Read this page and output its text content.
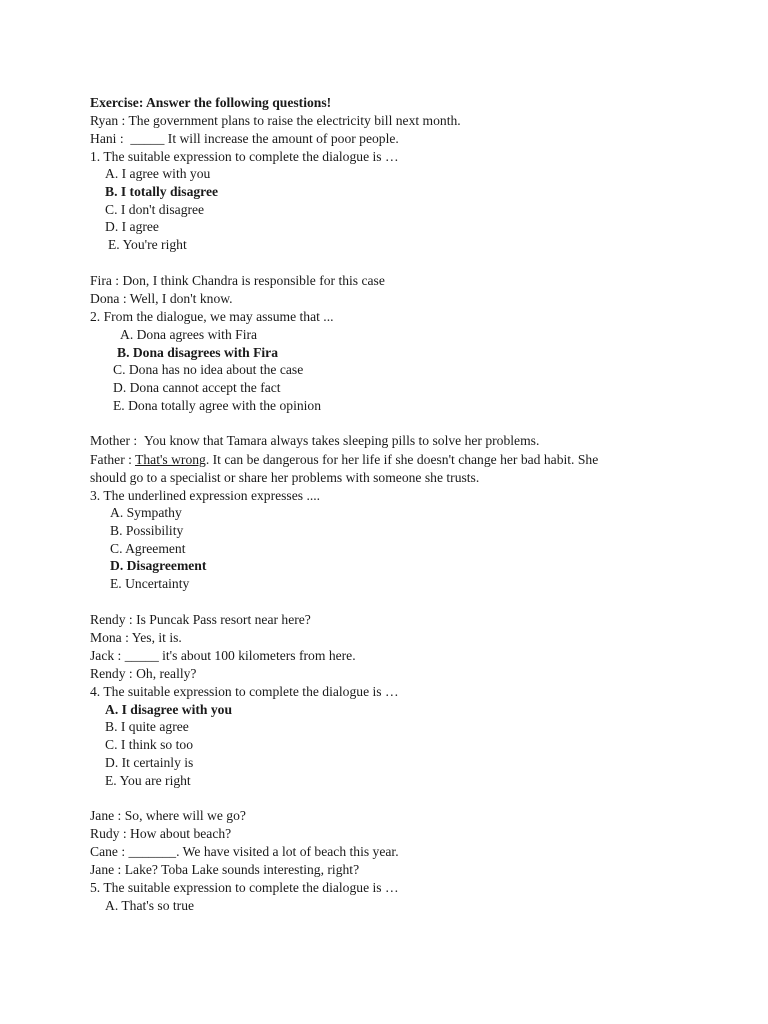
Exercise: Answer the following questions!
Ryan : The government plans to raise the electricity bill next month.
Hani : _____ It will increase the amount of poor people.
1. The suitable expression to complete the dialogue is …
A. I agree with you
B. I totally disagree
C. I don't disagree
D. I agree
E. You're right
Fira : Don, I think Chandra is responsible for this case
Dona : Well, I don't know.
2. From the dialogue, we may assume that ...
A. Dona agrees with Fira
B. Dona disagrees with Fira
C. Dona has no idea about the case
D. Dona cannot accept the fact
E. Dona totally agree with the opinion
Mother : You know that Tamara always takes sleeping pills to solve her problems.
Father : That's wrong. It can be dangerous for her life if she doesn't change her bad habit. She
should go to a specialist or share her problems with someone she trusts.
3. The underlined expression expresses ....
A. Sympathy
B. Possibility
C. Agreement
D. Disagreement
E. Uncertainty
Rendy : Is Puncak Pass resort near here?
Mona : Yes, it is.
Jack : _____ it's about 100 kilometers from here.
Rendy : Oh, really?
4. The suitable expression to complete the dialogue is …
A. I disagree with you
B. I quite agree
C. I think so too
D. It certainly is
E. You are right
Jane : So, where will we go?
Rudy : How about beach?
Cane : _______. We have visited a lot of beach this year.
Jane : Lake? Toba Lake sounds interesting, right?
5. The suitable expression to complete the dialogue is …
A. That's so true
